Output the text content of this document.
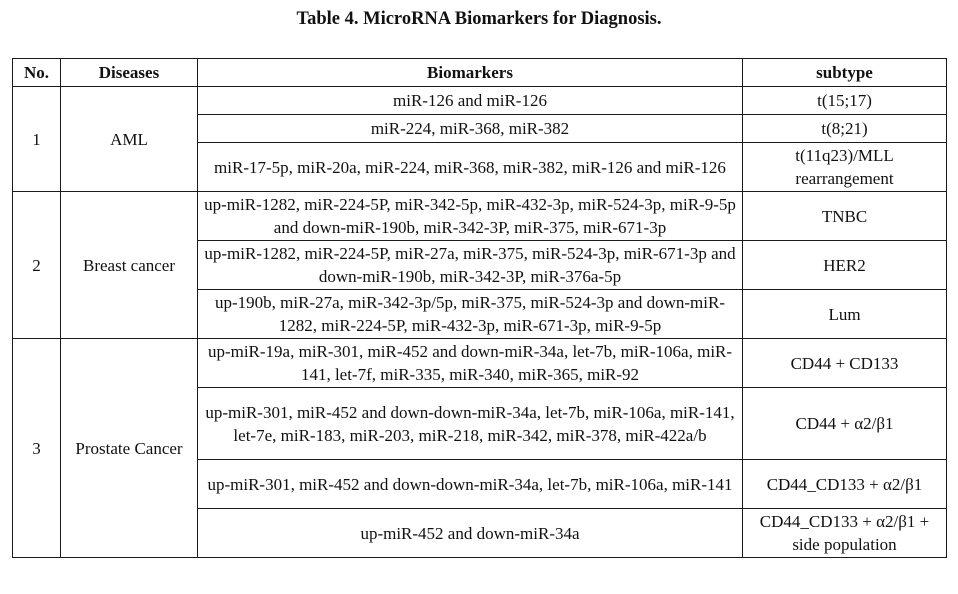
Table 4. MicroRNA Biomarkers for Diagnosis.
No.	Diseases	Biomarkers	subtype
1	AML	miR-126 and miR-126	t(15;17)
		miR-224, miR-368, miR-382	t(8;21)
		miR-17-5p, miR-20a, miR-224, miR-368, miR-382, miR-126 and miR-126	t(11q23)/MLL rearrangement
2	Breast cancer	up-miR-1282, miR-224-5P, miR-342-5p, miR-432-3p, miR-524-3p, miR-9-5p and down-miR-190b, miR-342-3P, miR-375, miR-671-3p	TNBC
		up-miR-1282, miR-224-5P, miR-27a, miR-375, miR-524-3p, miR-671-3p and down-miR-190b, miR-342-3P, miR-376a-5p	HER2
		up-190b, miR-27a, miR-342-3p/5p, miR-375, miR-524-3p and down-miR-1282, miR-224-5P, miR-432-3p, miR-671-3p, miR-9-5p	Lum
3	Prostate Cancer	up-miR-19a, miR-301, miR-452 and down-miR-34a, let-7b, miR-106a, miR-141, let-7f, miR-335, miR-340, miR-365, miR-92	CD44 + CD133
		up-miR-301, miR-452 and down-down-miR-34a, let-7b, miR-106a, miR-141, let-7e, miR-183, miR-203, miR-218, miR-342, miR-378, miR-422a/b	CD44 + α2/β1
		up-miR-301, miR-452 and down-down-miR-34a, let-7b, miR-106a, miR-141	CD44_CD133 + α2/β1
		up-miR-452 and down-miR-34a	CD44_CD133 + α2/β1 + side population
